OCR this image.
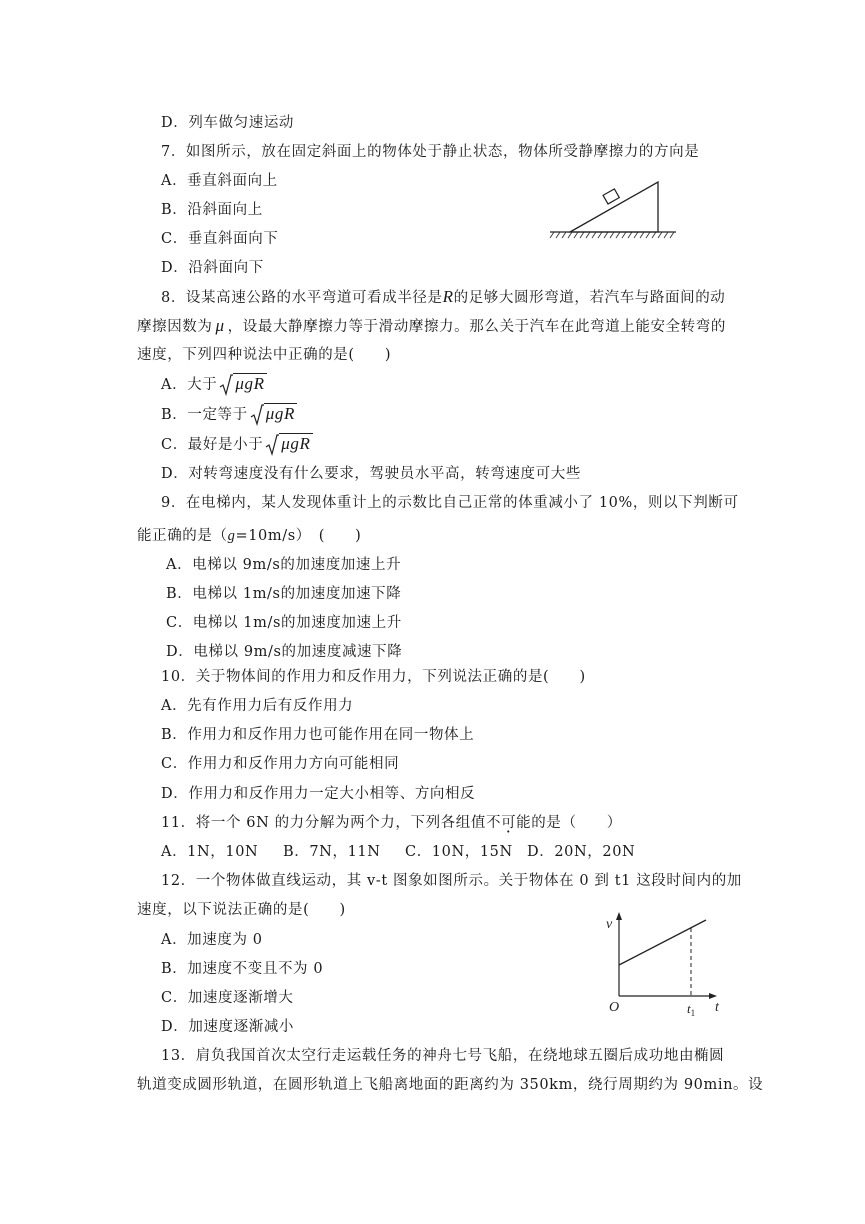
D．列车做匀速运动
7．如图所示，放在固定斜面上的物体处于静止状态，物体所受静摩擦力的方向是
A．垂直斜面向上
B．沿斜面向上
C．垂直斜面向下
D．沿斜面向下
8．设某高速公路的水平弯道可看成半径是R的足够大圆形弯道，若汽车与路面间的动
摩擦因数为 μ ，设最大静摩擦力等于滑动摩擦力。那么关于汽车在此弯道上能安全转弯的
速度，下列四种说法中正确的是(　　)
A．大于 μgR
B．一定等于 μgR
C．最好是小于 μgR
D．对转弯速度没有什么要求，驾驶员水平高，转弯速度可大些
9．在电梯内，某人发现体重计上的示数比自己正常的体重减小了 10%，则以下判断可
能正确的是（g=10m/s）　(　　)
A．电梯以 9m/s的加速度加速上升
B．电梯以 1m/s的加速度加速下降
C．电梯以 1m/s的加速度加速上升
D．电梯以 9m/s的加速度减速下降
10．关于物体间的作用力和反作用力，下列说法正确的是(　　)
A．先有作用力后有反作用力
B．作用力和反作用力也可能作用在同一物体上
C．作用力和反作用力方向可能相同
D．作用力和反作用力一定大小相等、方向相反
11．将一个 6N 的力分解为两个力，下列各组值不可能的是（　　）
A．1N，10N B．7N，11N C．10N，15N D．20N，20N
12．一个物体做直线运动，其 v-t 图象如图所示。关于物体在 0 到 t1 这段时间内的加
速度，以下说法正确的是(　　)
A．加速度为 0
B．加速度不变且不为 0
C．加速度逐渐增大
D．加速度逐渐减小
v
O	t
$t_1$
13．肩负我国首次太空行走运载任务的神舟七号飞船，在绕地球五圈后成功地由椭圆
轨道变成圆形轨道，在圆形轨道上飞船离地面的距离约为 350km，绕行周期约为 90min。设
